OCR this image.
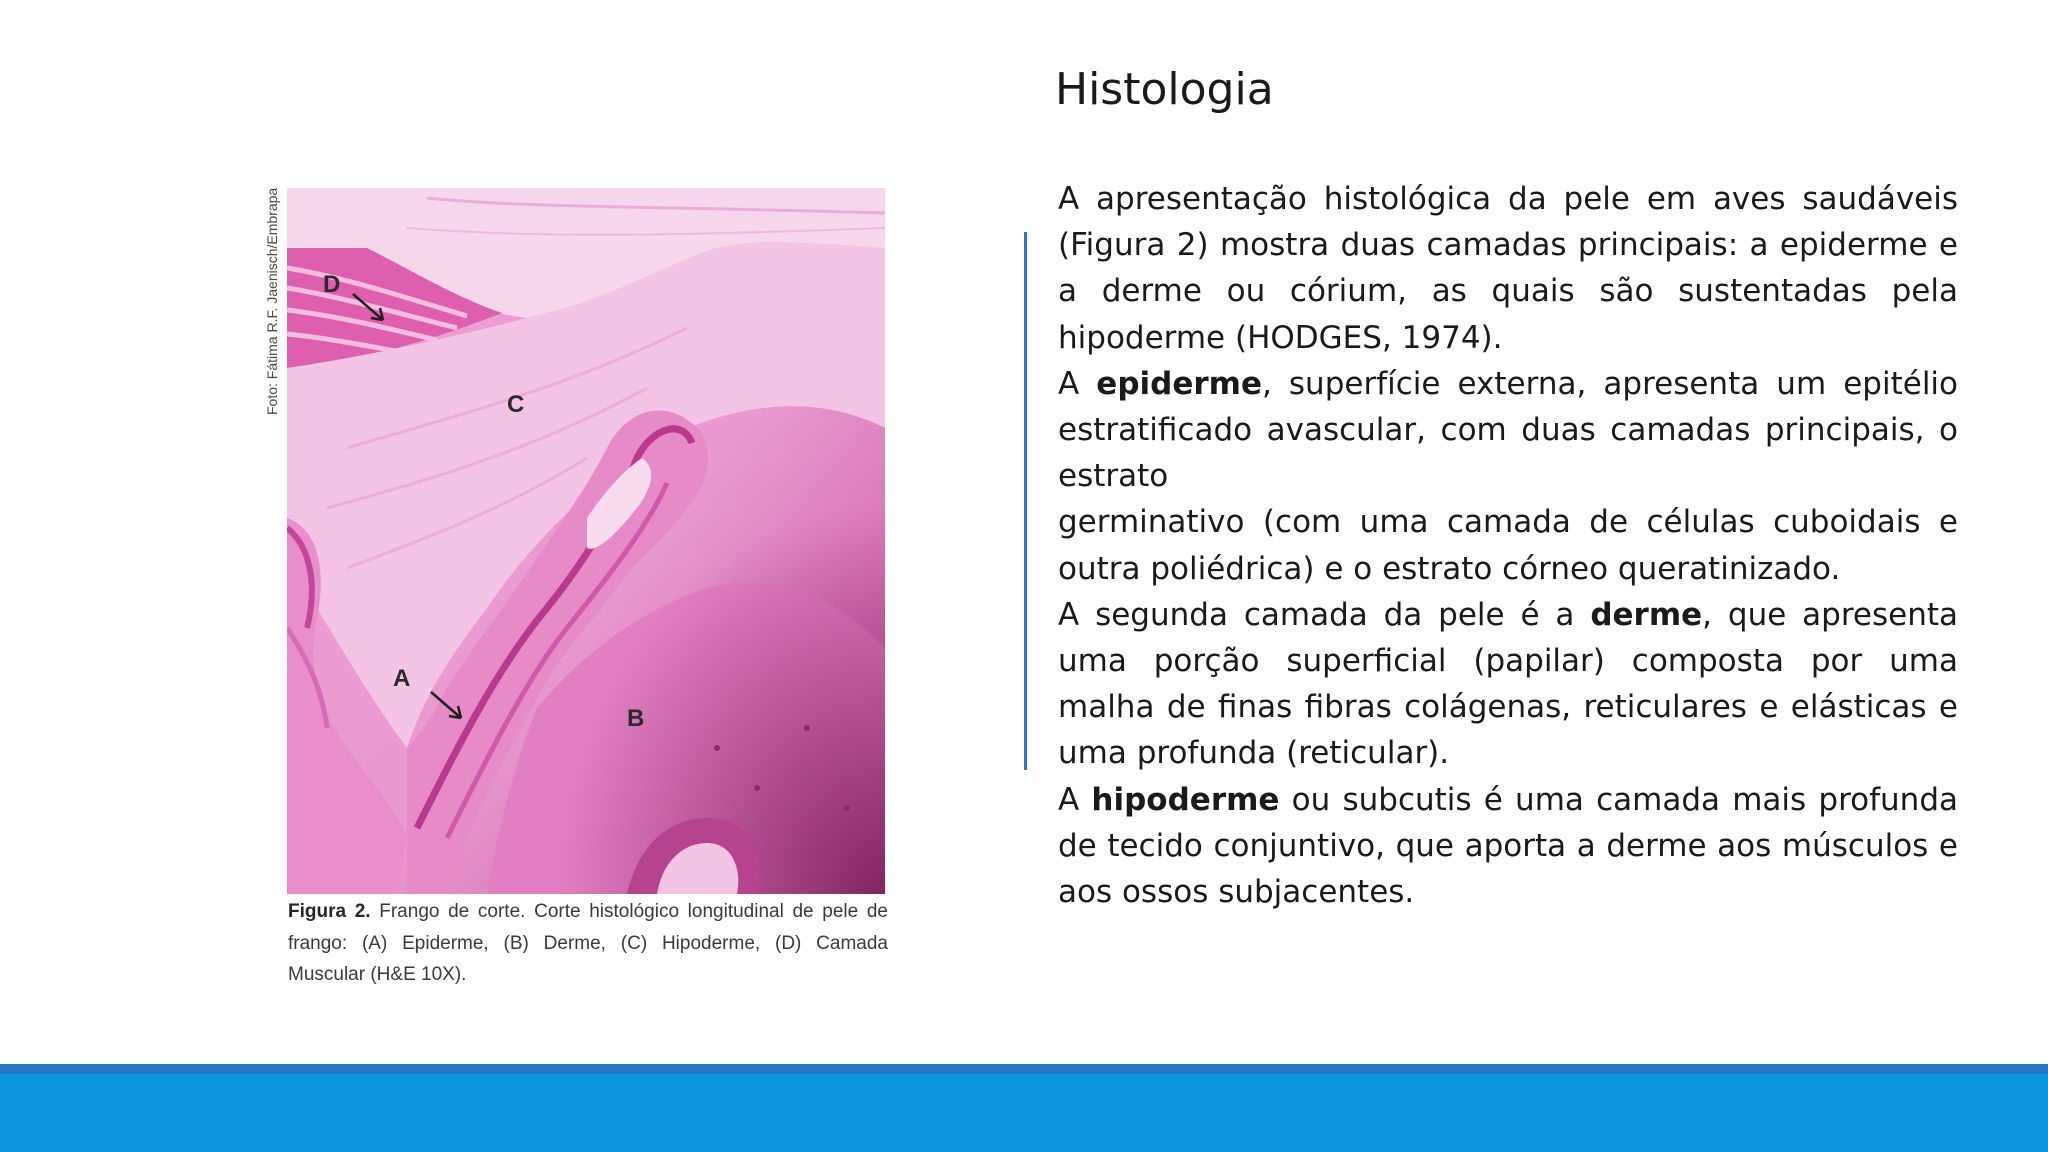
Foto: Fátima R.F. Jaenisch/Embrapa D
C
A
B
Figura 2. Frango de corte. Corte histológico longitudinal de pele de frango: (A) Epiderme, (B) Derme, (C) Hipoderme, (D) Camada Muscular (H&E 10X).
Histologia

A apresentação histológica da pele em aves saudáveis (Figura 2) mostra duas camadas principais: a epiderme e a derme ou córium, as quais são sustentadas pela hipoderme (HODGES, 1974).

A epiderme, superfície externa, apresenta um epitélio estratificado avascular, com duas camadas principais, o estrato

germinativo (com uma camada de células cuboidais e outra poliédrica) e o estrato córneo queratinizado.

A segunda camada da pele é a derme, que apresenta uma porção superficial (papilar) composta por uma malha de finas fibras colágenas, reticulares e elásticas e uma profunda (reticular).

A hipoderme ou subcutis é uma camada mais profunda de tecido conjuntivo, que aporta a derme aos músculos e aos ossos subjacentes.
